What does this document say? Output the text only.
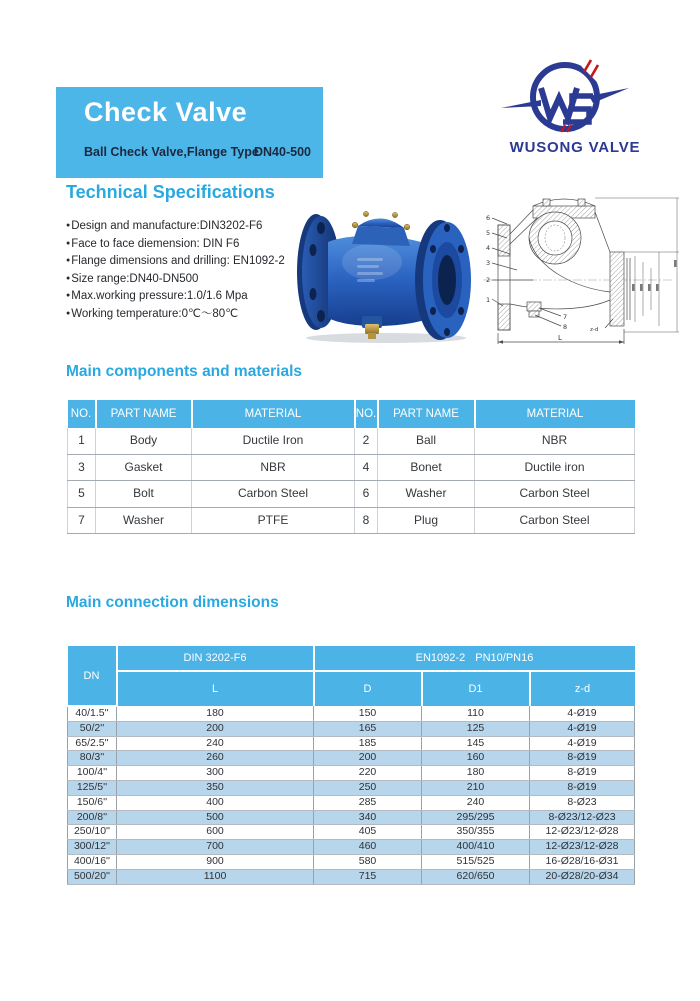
Check Valve
Ball Check Valve,Flange Type
DN40-500	WUSONG VALVE
Technical Specifications
●Design and manufacture:DIN3202-F6
●Face to face diemension: DIN F6
●Flange dimensions and drilling: EN1092-2
●Size range:DN40-DN500
●Max.working pressure:1.0/1.6 Mpa
●Working temperature:0℃～80℃
6
5
4
3
2
1
7
8
L
z-d
Main components and materials
NO.	PART NAME	MATERIAL	NO.	PART NAME	MATERIAL
1	Body	Ductile Iron	2	Ball	NBR
3	Gasket	NBR	4	Bonet	Ductile iron
5	Bolt	Carbon Steel	6	Washer	Carbon Steel
7	Washer	PTFE	8	Plug	Carbon Steel
Main connection dimensions
DN	DIN 3202-F6	EN1092-2 PN10/PN16		
	L	D	D1	z-d
40/1.5''	180	150	110	4-Ø19
50/2''	200	165	125	4-Ø19
65/2.5''	240	185	145	4-Ø19
80/3''	260	200	160	8-Ø19
100/4''	300	220	180	8-Ø19
125/5''	350	250	210	8-Ø19
150/6''	400	285	240	8-Ø23
200/8''	500	340	295/295	8-Ø23/12-Ø23
250/10''	600	405	350/355	12-Ø23/12-Ø28
300/12''	700	460	400/410	12-Ø23/12-Ø28
400/16''	900	580	515/525	16-Ø28/16-Ø31
500/20''	1100	715	620/650	20-Ø28/20-Ø34
